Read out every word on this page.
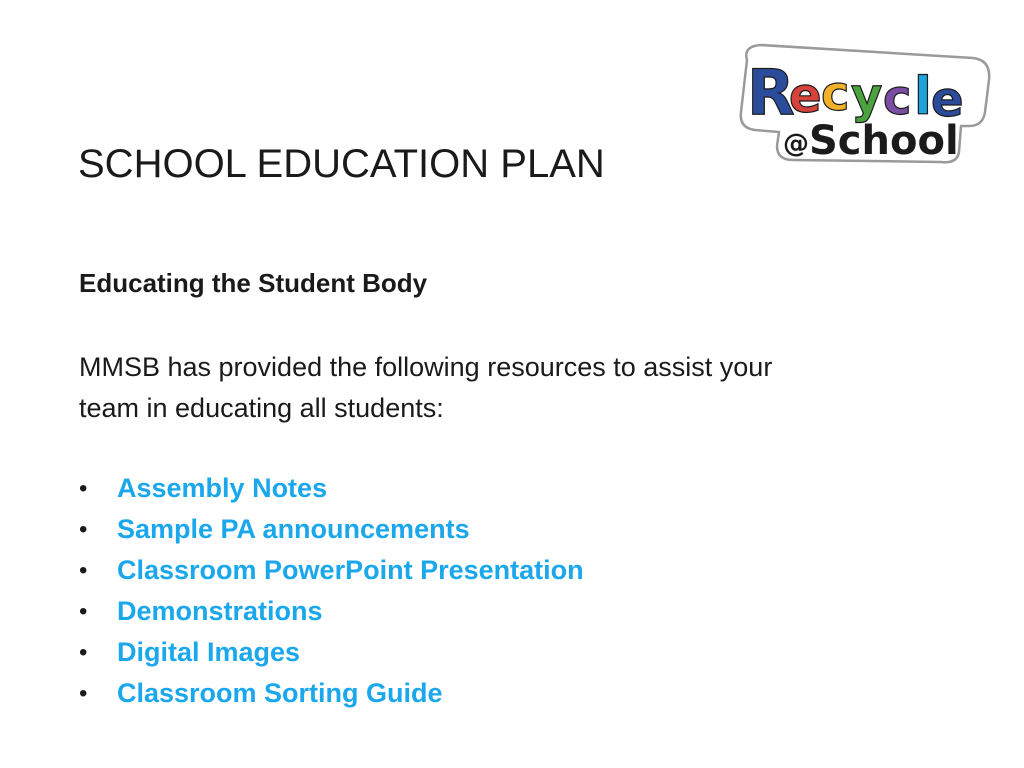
R
e c y c l e
@ School
SCHOOL EDUCATION PLAN
Educating the Student Body

MMSB has provided the following resources to assist your
team in educating all students:

•	Assembly Notes
•	Sample PA announcements
•	Classroom PowerPoint Presentation
•	Demonstrations
•	Digital Images
•	Classroom Sorting Guide
